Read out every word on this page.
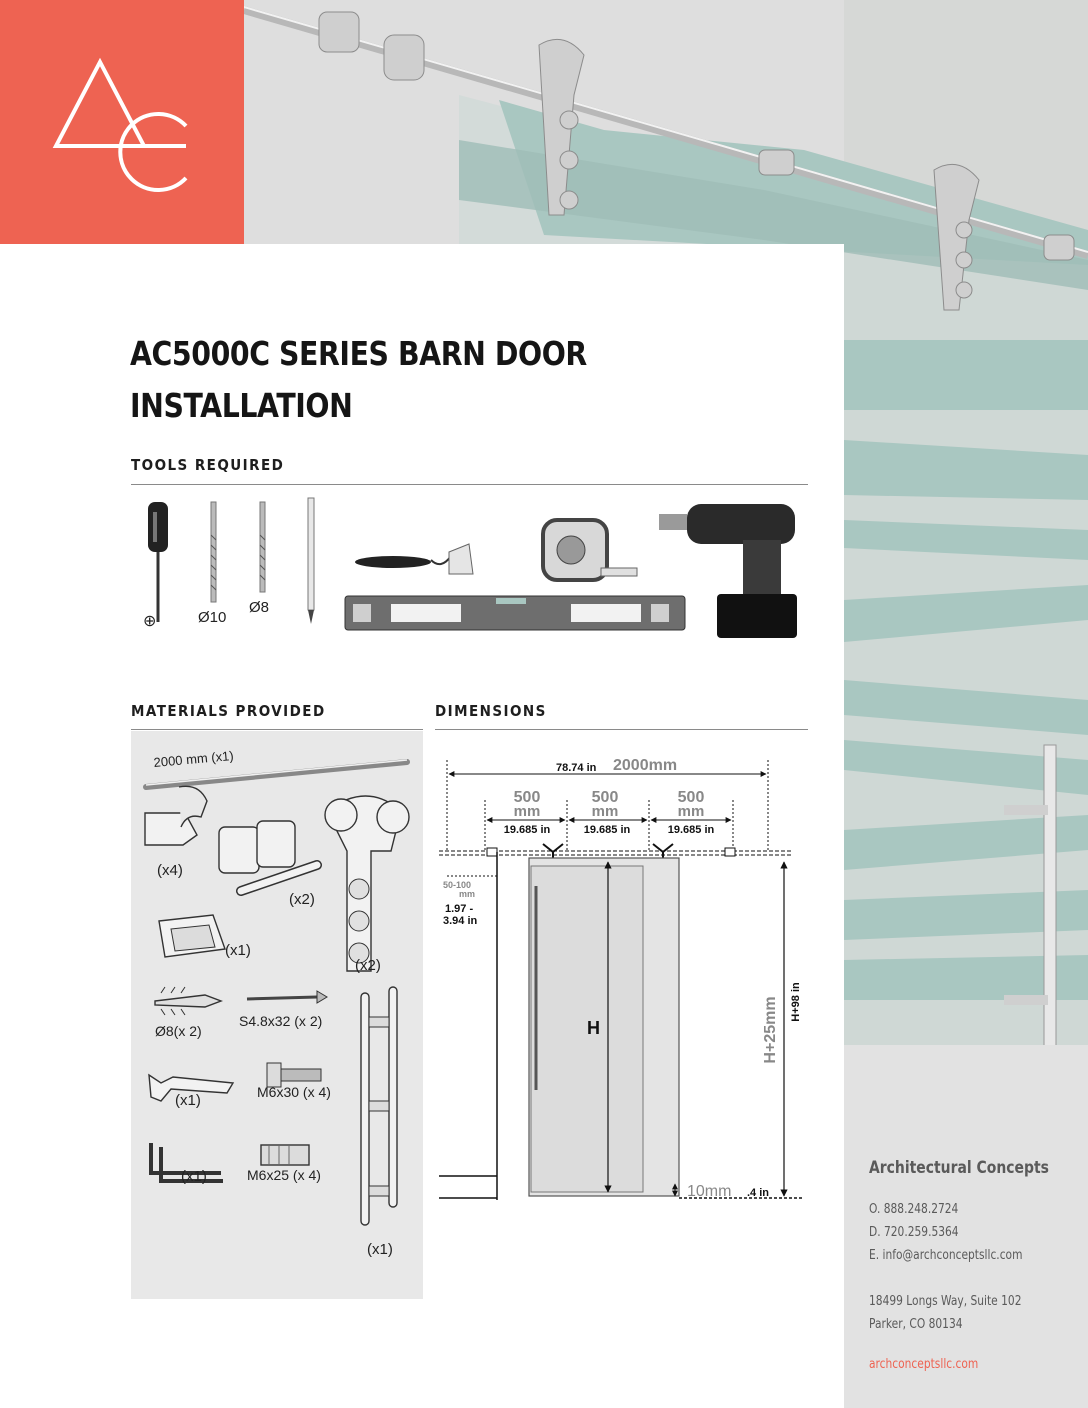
AC5000C SERIES BARN DOOR
INSTALLATION
TOOLS REQUIRED
⊕	Ø10
Ø8
MATERIALS PROVIDED
2000 mm (x1)
(x4)
(x2)
(x1)
(x2)
Ø8(x 2)
S4.8x32 (x 2)
(x1)	M6x30 (x 4)
(x1)	M6x25 (x 4)
(x1)
DIMENSIONS
78.74 in 2000mm
500
mm
19.685 in
500
mm
19.685 in
500
mm
19.685 in
H	H+25mm H+98 in
50-100
mm
1.97 -
3.94 in
10mm .4 in
Architectural Concepts
O. 888.248.2724
D. 720.259.5364
E. info@archconceptsllc.com
18499 Longs Way, Suite 102
Parker, CO 80134
archconceptsllc.com
